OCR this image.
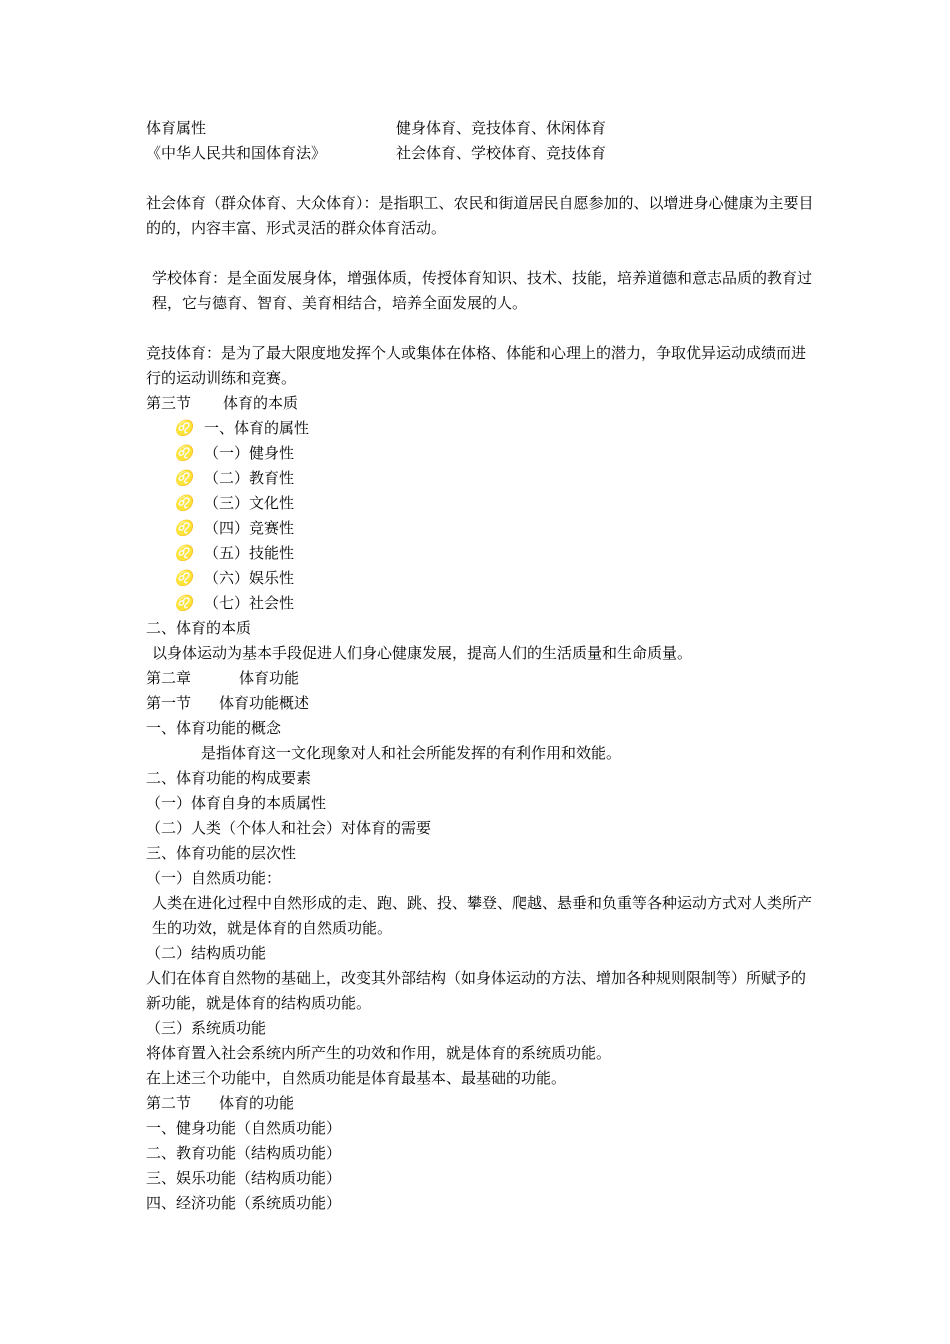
体育属性	健身体育、竞技体育、休闲体育
《中华人民共和国体育法》	社会体育、学校体育、竞技体育
社会体育（群众体育、大众体育）：是指职工、农民和街道居民自愿参加的、以增进身心健康为主要目的的，内容丰富、形式灵活的群众体育活动。
学校体育：是全面发展身体，增强体质，传授体育知识、技术、技能，培养道德和意志品质的教育过程，它与德育、智育、美育相结合，培养全面发展的人。
竞技体育：是为了最大限度地发挥个人或集体在体格、体能和心理上的潜力，争取优异运动成绩而进行的运动训练和竞赛。
第三节 体育的本质
♌ 一、体育的属性
♌ （一）健身性
♌ （二）教育性
♌ （三）文化性
♌ （四）竞赛性
♌ （五）技能性
♌ （六）娱乐性
♌ （七）社会性
二、体育的本质
以身体运动为基本手段促进人们身心健康发展，提高人们的生活质量和生命质量。
第二章	体育功能
第一节 体育功能概述
一、体育功能的概念
是指体育这一文化现象对人和社会所能发挥的有利作用和效能。
二、体育功能的构成要素
（一）体育自身的本质属性
（二）人类（个体人和社会）对体育的需要
三、体育功能的层次性
（一）自然质功能：
人类在进化过程中自然形成的走、跑、跳、投、攀登、爬越、悬垂和负重等各种运动方式对人类所产生的功效，就是体育的自然质功能。
（二）结构质功能
人们在体育自然物的基础上，改变其外部结构（如身体运动的方法、增加各种规则限制等）所赋予的新功能，就是体育的结构质功能。
（三）系统质功能
将体育置入社会系统内所产生的功效和作用，就是体育的系统质功能。
在上述三个功能中，自然质功能是体育最基本、最基础的功能。
第二节 体育的功能
一、健身功能（自然质功能）
二、教育功能（结构质功能）
三、娱乐功能（结构质功能）
四、经济功能（系统质功能）
